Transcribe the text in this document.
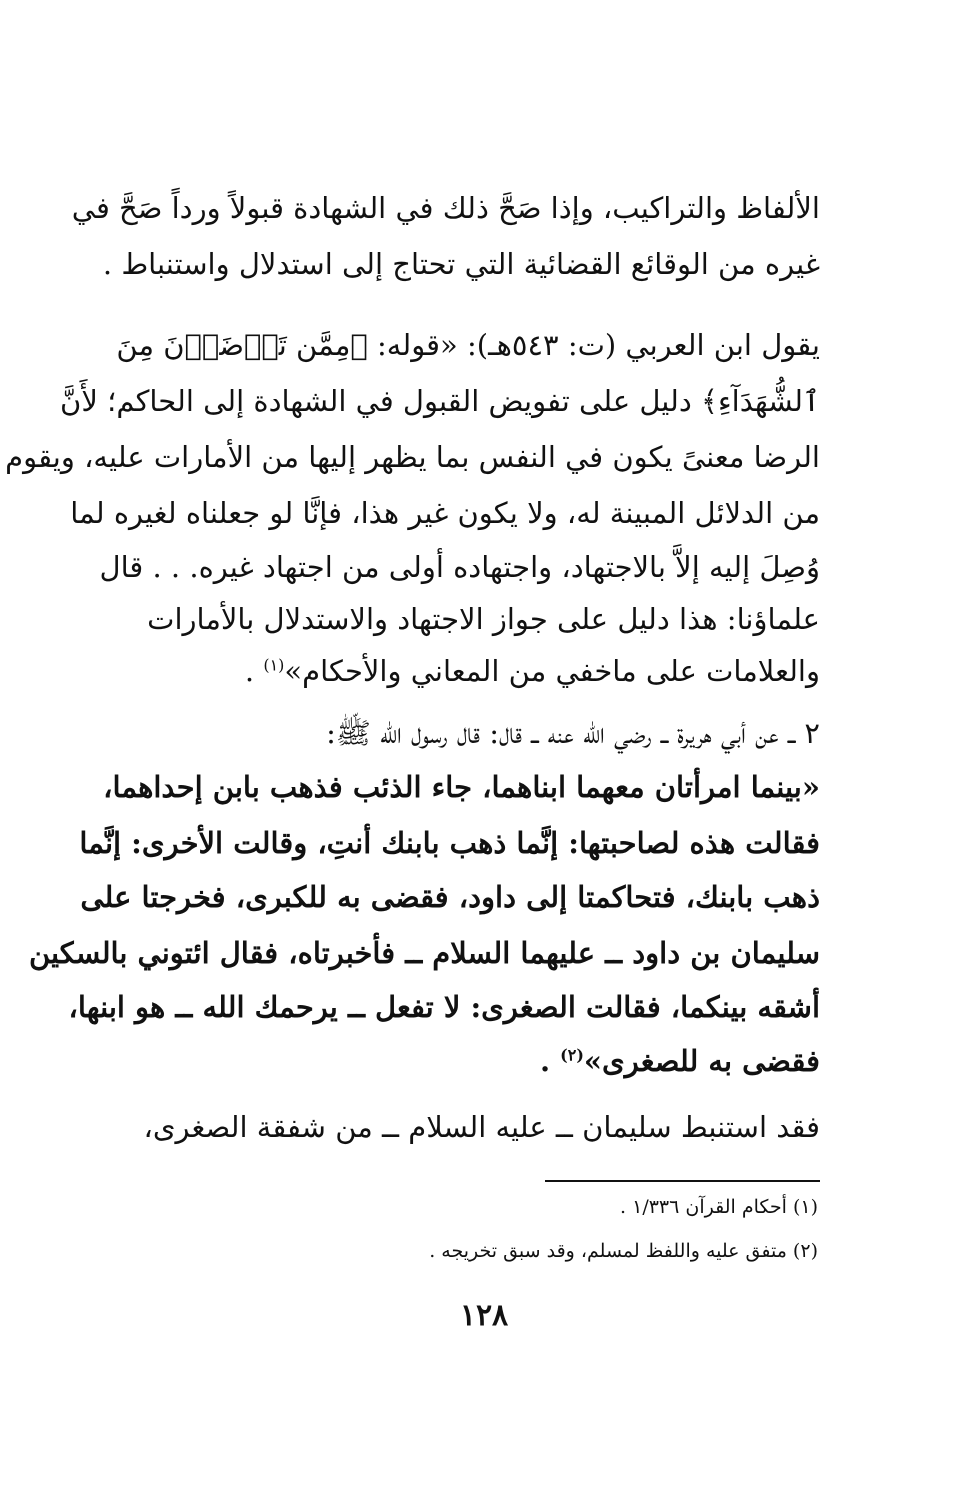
الألفاظ والتراكيب، وإذا صَحَّ ذلك في الشهادة قبولاً ورداً صَحَّ في
غيره من الوقائع القضائية التي تحتاج إلى استدلال واستنباط .
يقول ابن العربي (ت: ٥٤٣هـ): «قوله: ﴿مِمَّن تَرۡضَوۡنَ مِنَ
ٱلشُّهَدَآءِ﴾ دليل على تفويض القبول في الشهادة إلى الحاكم؛ لأَنَّ
الرضا معنىً يكون في النفس بما يظهر إليها من الأمارات عليه، ويقوم
من الدلائل المبينة له، ولا يكون غير هذا، فإنَّا لو جعلناه لغيره لما
وُصِلَ إليه إلاَّ بالاجتهاد، واجتهاده أولى من اجتهاد غيره. . . قال
علماؤنا: هذا دليل على جواز الاجتهاد والاستدلال بالأمارات
والعلامات على ماخفي من المعاني والأحكام»$^{(١)}$ .
٢ ــ عن أبي هريرة ــ رضي الله عنه ــ قال: قال رسول الله ﷺ:
«بينما امرأتان معهما ابناهما، جاء الذئب فذهب بابن إحداهما،
فقالت هذه لصاحبتها: إنَّما ذهب بابنك أنتِ، وقالت الأخرى: إنَّما
ذهب بابنك، فتحاكمتا إلى داود، فقضى به للكبرى، فخرجتا على
سليمان بن داود ــ عليهما السلام ــ فأخبرتاه، فقال ائتوني بالسكين
أشقه بينكما، فقالت الصغرى: لا تفعل ــ يرحمك الله ــ هو ابنها،
فقضى به للصغرى»$^{(٢)}$ .
فقد استنبط سليمان ــ عليه السلام ــ من شفقة الصغرى،
(١) أحكام القرآن ١/٣٣٦ .
(٢) متفق عليه واللفظ لمسلم، وقد سبق تخريجه .
١٢٨
